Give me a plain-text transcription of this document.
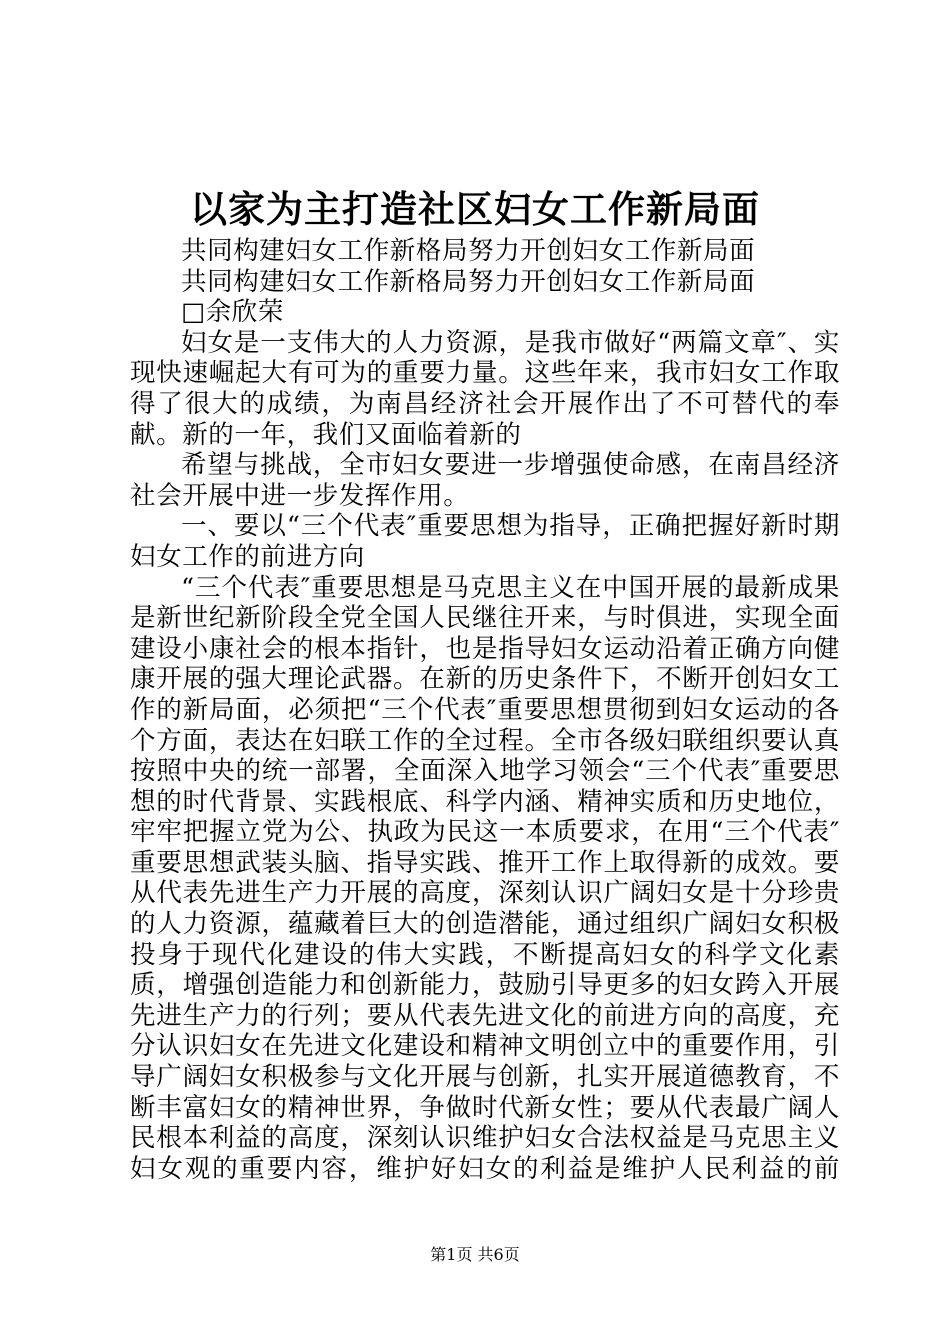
以家为主打造社区妇女工作新局面

共同构建妇女工作新格局努力开创妇女工作新局面

共同构建妇女工作新格局努力开创妇女工作新局面

□余欣荣

妇女是一支伟大的人力资源，是我市做好“两篇文章″、实现快速崛起大有可为的重要力量。这些年来，我市妇女工作取得了很大的成绩，为南昌经济社会开展作出了不可替代的奉献。新的一年，我们又面临着新的

希望与挑战，全市妇女要进一步增强使命感，在南昌经济社会开展中进一步发挥作用。

一、要以“三个代表″重要思想为指导，正确把握好新时期妇女工作的前进方向

“三个代表″重要思想是马克思主义在中国开展的最新成果是新世纪新阶段全党全国人民继往开来，与时俱进，实现全面建设小康社会的根本指针，也是指导妇女运动沿着正确方向健康开展的强大理论武器。在新的历史条件下，不断开创妇女工作的新局面，必须把“三个代表″重要思想贯彻到妇女运动的各个方面，表达在妇联工作的全过程。全市各级妇联组织要认真按照中央的统一部署，全面深入地学习领会“三个代表″重要思想的时代背景、实践根底、科学内涵、精神实质和历史地位，牢牢把握立党为公、执政为民这一本质要求，在用“三个代表″重要思想武装头脑、指导实践、推开工作上取得新的成效。要从代表先进生产力开展的高度，深刻认识广阔妇女是十分珍贵的人力资源，蕴藏着巨大的创造潜能，通过组织广阔妇女积极投身于现代化建设的伟大实践，不断提高妇女的科学文化素质，增强创造能力和创新能力，鼓励引导更多的妇女跨入开展先进生产力的行列；要从代表先进文化的前进方向的高度，充分认识妇女在先进文化建设和精神文明创立中的重要作用，引导广阔妇女积极参与文化开展与创新，扎实开展道德教育，不断丰富妇女的精神世界，争做时代新女性；要从代表最广阔人民根本利益的高度，深刻认识维护妇女合法权益是马克思主义妇女观的重要内容，维护好妇女的利益是维护人民利益的前

第1页 共6页
